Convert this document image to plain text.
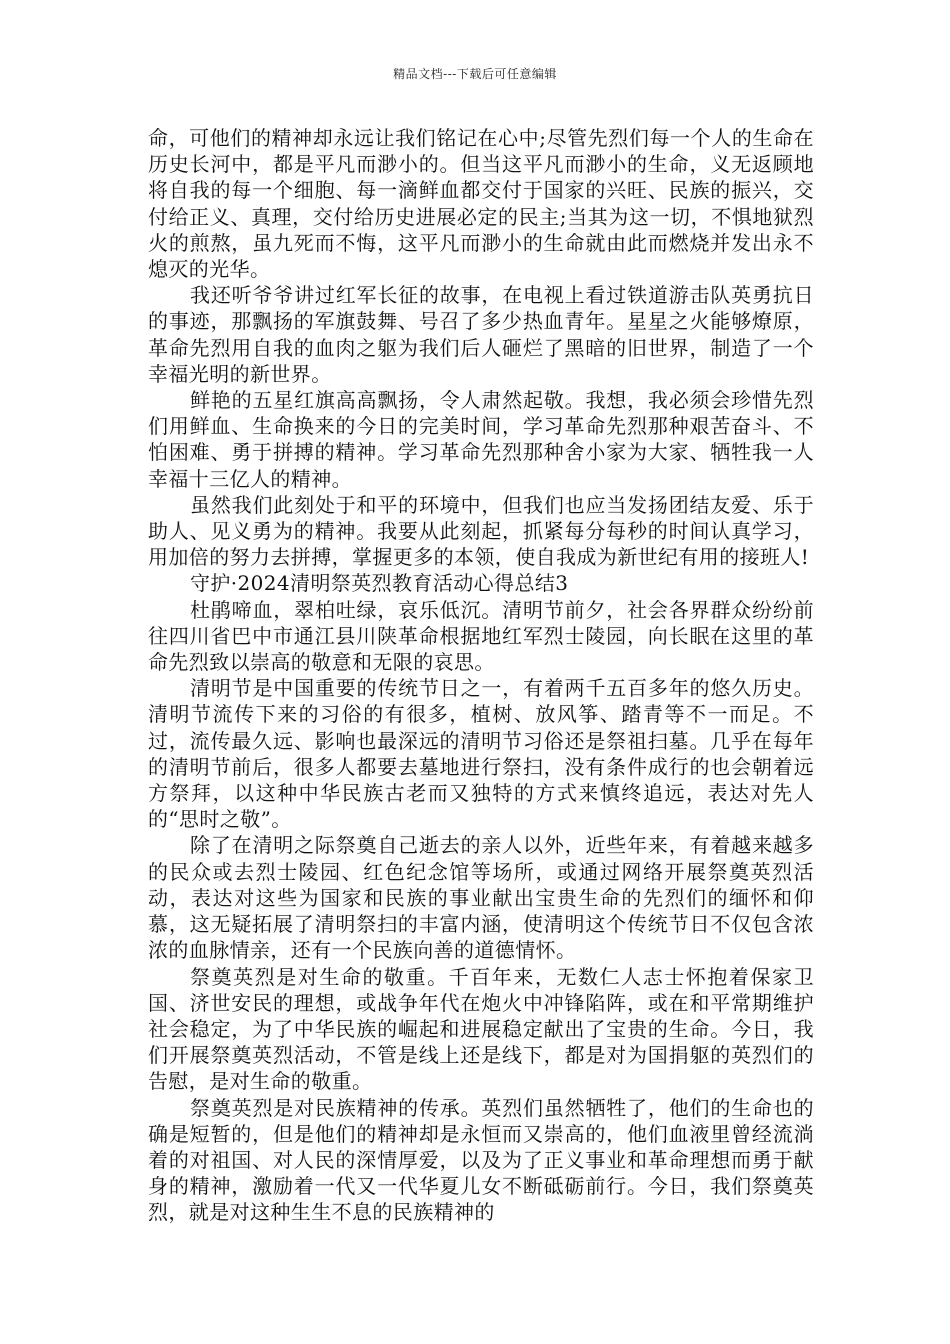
精品文档---下载后可任意编辑

命，可他们的精神却永远让我们铭记在心中;尽管先烈们每一个人的生命在历史长河中，都是平凡而渺小的。但当这平凡而渺小的生命，义无返顾地将自我的每一个细胞、每一滴鲜血都交付于国家的兴旺、民族的振兴，交付给正义、真理，交付给历史进展必定的民主;当其为这一切，不惧地狱烈火的煎熬，虽九死而不悔，这平凡而渺小的生命就由此而燃烧并发出永不熄灭的光华。

我还听爷爷讲过红军长征的故事，在电视上看过铁道游击队英勇抗日的事迹，那飘扬的军旗鼓舞、号召了多少热血青年。星星之火能够燎原，革命先烈用自我的血肉之躯为我们后人砸烂了黑暗的旧世界，制造了一个幸福光明的新世界。

鲜艳的五星红旗高高飘扬，令人肃然起敬。我想，我必须会珍惜先烈们用鲜血、生命换来的今日的完美时间，学习革命先烈那种艰苦奋斗、不怕困难、勇于拼搏的精神。学习革命先烈那种舍小家为大家、牺牲我一人幸福十三亿人的精神。

虽然我们此刻处于和平的环境中，但我们也应当发扬团结友爱、乐于助人、见义勇为的精神。我要从此刻起，抓紧每分每秒的时间认真学习，用加倍的努力去拼搏，掌握更多的本领，使自我成为新世纪有用的接班人!

守护·2024清明祭英烈教育活动心得总结3

杜鹃啼血，翠柏吐绿，哀乐低沉。清明节前夕，社会各界群众纷纷前往四川省巴中市通江县川陕革命根据地红军烈士陵园，向长眠在这里的革命先烈致以崇高的敬意和无限的哀思。

清明节是中国重要的传统节日之一，有着两千五百多年的悠久历史。清明节流传下来的习俗的有很多，植树、放风筝、踏青等不一而足。不过，流传最久远、影响也最深远的清明节习俗还是祭祖扫墓。几乎在每年的清明节前后，很多人都要去墓地进行祭扫，没有条件成行的也会朝着远方祭拜，以这种中华民族古老而又独特的方式来慎终追远，表达对先人的“思时之敬”。

除了在清明之际祭奠自己逝去的亲人以外，近些年来，有着越来越多的民众或去烈士陵园、红色纪念馆等场所，或通过网络开展祭奠英烈活动，表达对这些为国家和民族的事业献出宝贵生命的先烈们的缅怀和仰慕，这无疑拓展了清明祭扫的丰富内涵，使清明这个传统节日不仅包含浓浓的血脉情亲，还有一个民族向善的道德情怀。

祭奠英烈是对生命的敬重。千百年来，无数仁人志士怀抱着保家卫国、济世安民的理想，或战争年代在炮火中冲锋陷阵，或在和平常期维护社会稳定，为了中华民族的崛起和进展稳定献出了宝贵的生命。今日，我们开展祭奠英烈活动，不管是线上还是线下，都是对为国捐躯的英烈们的告慰，是对生命的敬重。

祭奠英烈是对民族精神的传承。英烈们虽然牺牲了，他们的生命也的确是短暂的，但是他们的精神却是永恒而又崇高的，他们血液里曾经流淌着的对祖国、对人民的深情厚爱，以及为了正义事业和革命理想而勇于献身的精神，激励着一代又一代华夏儿女不断砥砺前行。今日，我们祭奠英烈，就是对这种生生不息的民族精神的
